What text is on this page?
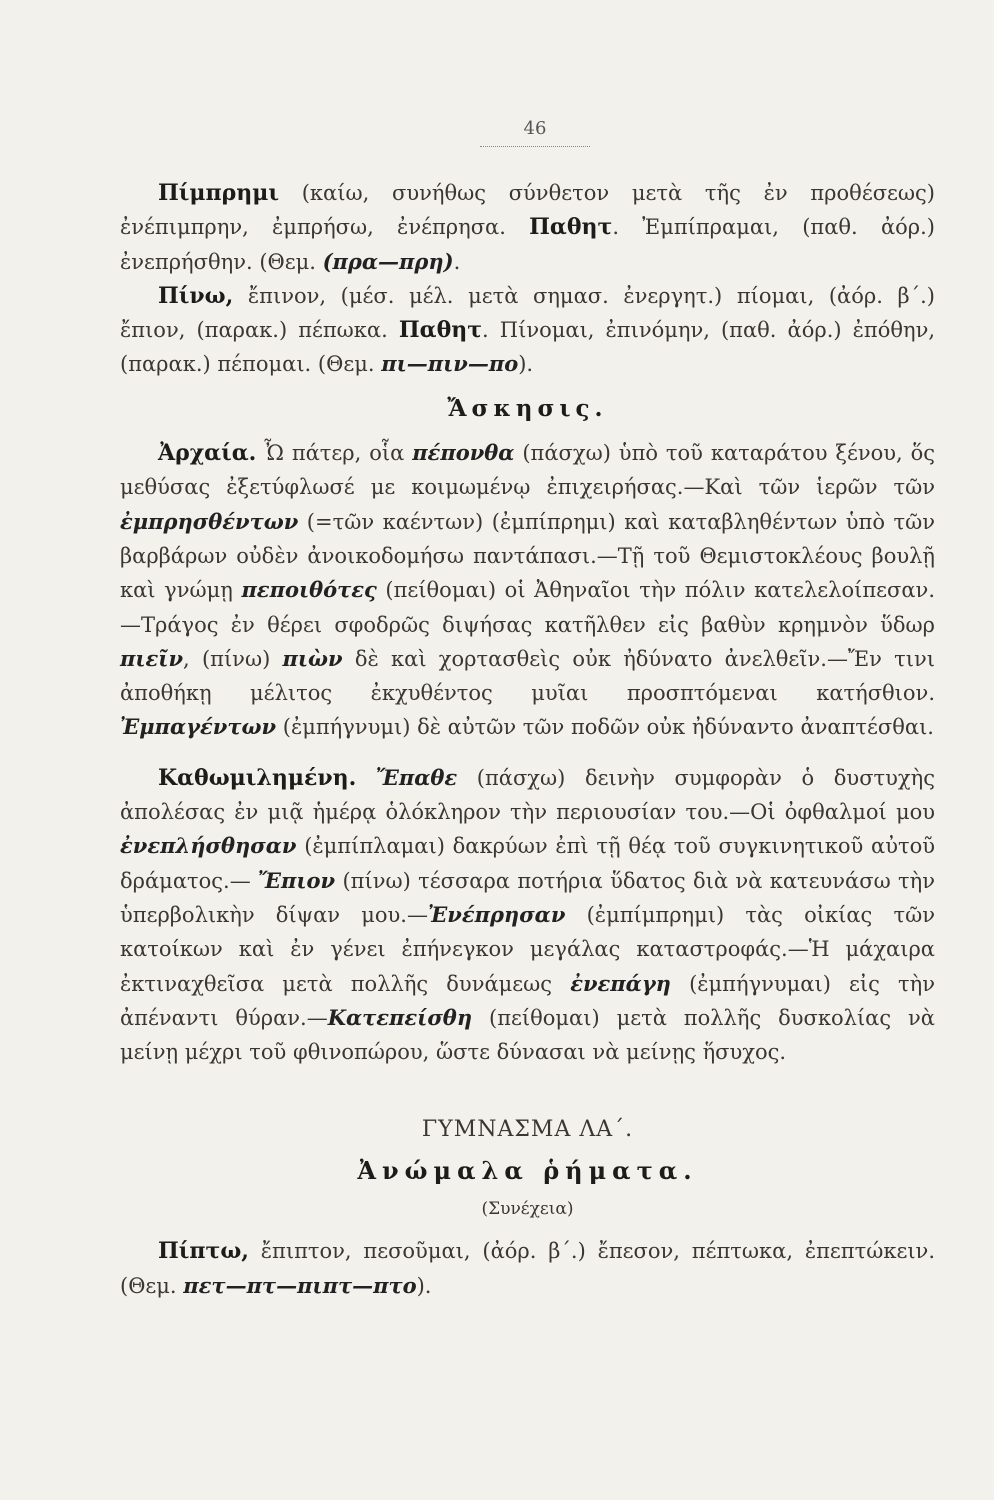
46

Πίμπρημι (καίω, συνήθως σύνθετον μετὰ τῆς ἐν προθέσεως) ἐνέπιμπρην, ἐμπρήσω, ἐνέπρησα. Παθητ. Ἐμπίπραμαι, (παθ. ἀόρ.) ἐνεπρήσθην. (Θεμ. (πρα—πρη).

Πίνω, ἔπινον, (μέσ. μέλ. μετὰ σημασ. ἐνεργητ.) πίομαι, (ἀόρ. β΄.) ἔπιον, (παρακ.) πέπωκα. Παθητ. Πίνομαι, ἐπινόμην, (παθ. ἀόρ.) ἐπόθην, (παρακ.) πέπομαι. (Θεμ. πι—πιν—πο).

Ἄσκησις.

Ἀρχαία. Ὦ πάτερ, οἷα πέπονθα (πάσχω) ὑπὸ τοῦ καταράτου ξένου, ὅς μεθύσας ἐξετύφλωσέ με κοιμωμένῳ ἐπιχειρήσας.—Καὶ τῶν ἱερῶν τῶν ἐμπρησθέντων (=τῶν καέντων) (ἐμπίπρημι) καὶ καταβληθέντων ὑπὸ τῶν βαρβάρων οὐδὲν ἀνοικοδομήσω παντάπασι.—Τῇ τοῦ Θεμιστοκλέους βουλῇ καὶ γνώμῃ πεποιθότες (πείθομαι) οἱ Ἀθηναῖοι τὴν πόλιν κατελελοίπεσαν.—Τράγος ἐν θέρει σφοδρῶς διψήσας κατῆλθεν εἰς βαθὺν κρημνὸν ὕδωρ πιεῖν, (πίνω) πιὼν δὲ καὶ χορτασθεὶς οὐκ ἠδύνατο ἀνελθεῖν.—Ἔν τινι ἀποθήκῃ μέλιτος ἐκχυθέντος μυῖαι προσπτόμεναι κατήσθιον. Ἐμπαγέντων (ἐμπήγνυμι) δὲ αὐτῶν τῶν ποδῶν οὐκ ἠδύναντο ἀναπτέσθαι.

Καθωμιλημένη. Ἔπαθε (πάσχω) δεινὴν συμφορὰν ὁ δυστυχὴς ἀπολέσας ἐν μιᾷ ἡμέρᾳ ὁλόκληρον τὴν περιουσίαν του.—Οἱ ὀφθαλμοί μου ἐνεπλήσθησαν (ἐμπίπλαμαι) δακρύων ἐπὶ τῇ θέᾳ τοῦ συγκινητικοῦ αὐτοῦ δράματος.— Ἔπιον (πίνω) τέσσαρα ποτήρια ὕδατος διὰ νὰ κατευνάσω τὴν ὑπερβολικὴν δίψαν μου.—Ἐνέπρησαν (ἐμπίμπρημι) τὰς οἰκίας τῶν κατοίκων καὶ ἐν γένει ἐπήνεγκον μεγάλας καταστροφάς.—Ἡ μάχαιρα ἐκτιναχθεῖσα μετὰ πολλῆς δυνάμεως ἐνεπάγη (ἐμπήγνυμαι) εἰς τὴν ἀπέναντι θύραν.—Κατεπείσθη (πείθομαι) μετὰ πολλῆς δυσκολίας νὰ μείνῃ μέχρι τοῦ φθινοπώρου, ὥστε δύνασαι νὰ μείνῃς ἥσυχος.

ΓΥΜΝΑΣΜΑ ΛΑ΄.
Ἀνώμαλα ῥήματα.
(Συνέχεια)

Πίπτω, ἔπιπτον, πεσοῦμαι, (ἀόρ. β΄.) ἔπεσον, πέπτωκα, ἐπεπτώκειν. (Θεμ. πετ—πτ—πιπτ—πτο).
